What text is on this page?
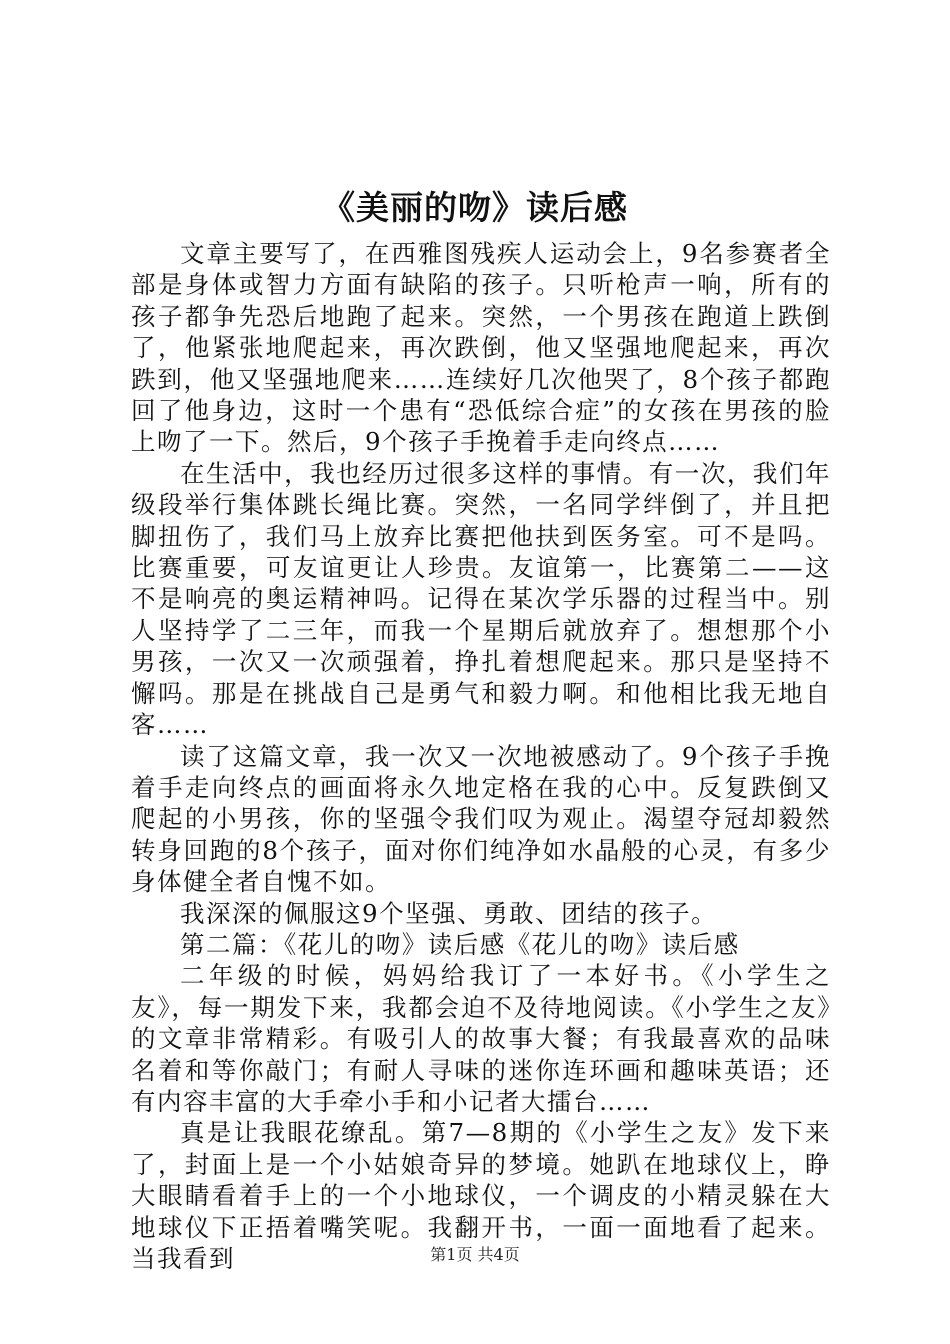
《美丽的吻》读后感

文章主要写了，在西雅图残疾人运动会上，9名参赛者全部是身体或智力方面有缺陷的孩子。只听枪声一响，所有的孩子都争先恐后地跑了起来。突然，一个男孩在跑道上跌倒了，他紧张地爬起来，再次跌倒，他又坚强地爬起来，再次跌到，他又坚强地爬来……连续好几次他哭了，8个孩子都跑回了他身边，这时一个患有“恐低综合症”的女孩在男孩的脸上吻了一下。然后，9个孩子手挽着手走向终点……

在生活中，我也经历过很多这样的事情。有一次，我们年级段举行集体跳长绳比赛。突然，一名同学绊倒了，并且把脚扭伤了，我们马上放弃比赛把他扶到医务室。可不是吗。比赛重要，可友谊更让人珍贵。友谊第一，比赛第二——这不是响亮的奥运精神吗。记得在某次学乐器的过程当中。别人坚持学了二三年，而我一个星期后就放弃了。想想那个小男孩，一次又一次顽强着，挣扎着想爬起来。那只是坚持不懈吗。那是在挑战自己是勇气和毅力啊。和他相比我无地自客……

读了这篇文章，我一次又一次地被感动了。9个孩子手挽着手走向终点的画面将永久地定格在我的心中。反复跌倒又爬起的小男孩，你的坚强令我们叹为观止。渴望夺冠却毅然转身回跑的8个孩子，面对你们纯净如水晶般的心灵，有多少身体健全者自愧不如。

我深深的佩服这9个坚强、勇敢、团结的孩子。

第二篇：《花儿的吻》读后感《花儿的吻》读后感

二年级的时候，妈妈给我订了一本好书。《小学生之友》，每一期发下来，我都会迫不及待地阅读。《小学生之友》的文章非常精彩。有吸引人的故事大餐；有我最喜欢的品味名着和等你敲门；有耐人寻味的迷你连环画和趣味英语；还有内容丰富的大手牵小手和小记者大擂台……

真是让我眼花缭乱。第7—8期的《小学生之友》发下来了，封面上是一个小姑娘奇异的梦境。她趴在地球仪上，睁大眼睛看着手上的一个小地球仪，一个调皮的小精灵躲在大地球仪下正捂着嘴笑呢。我翻开书，一面一面地看了起来。当我看到	第1页 共4页
